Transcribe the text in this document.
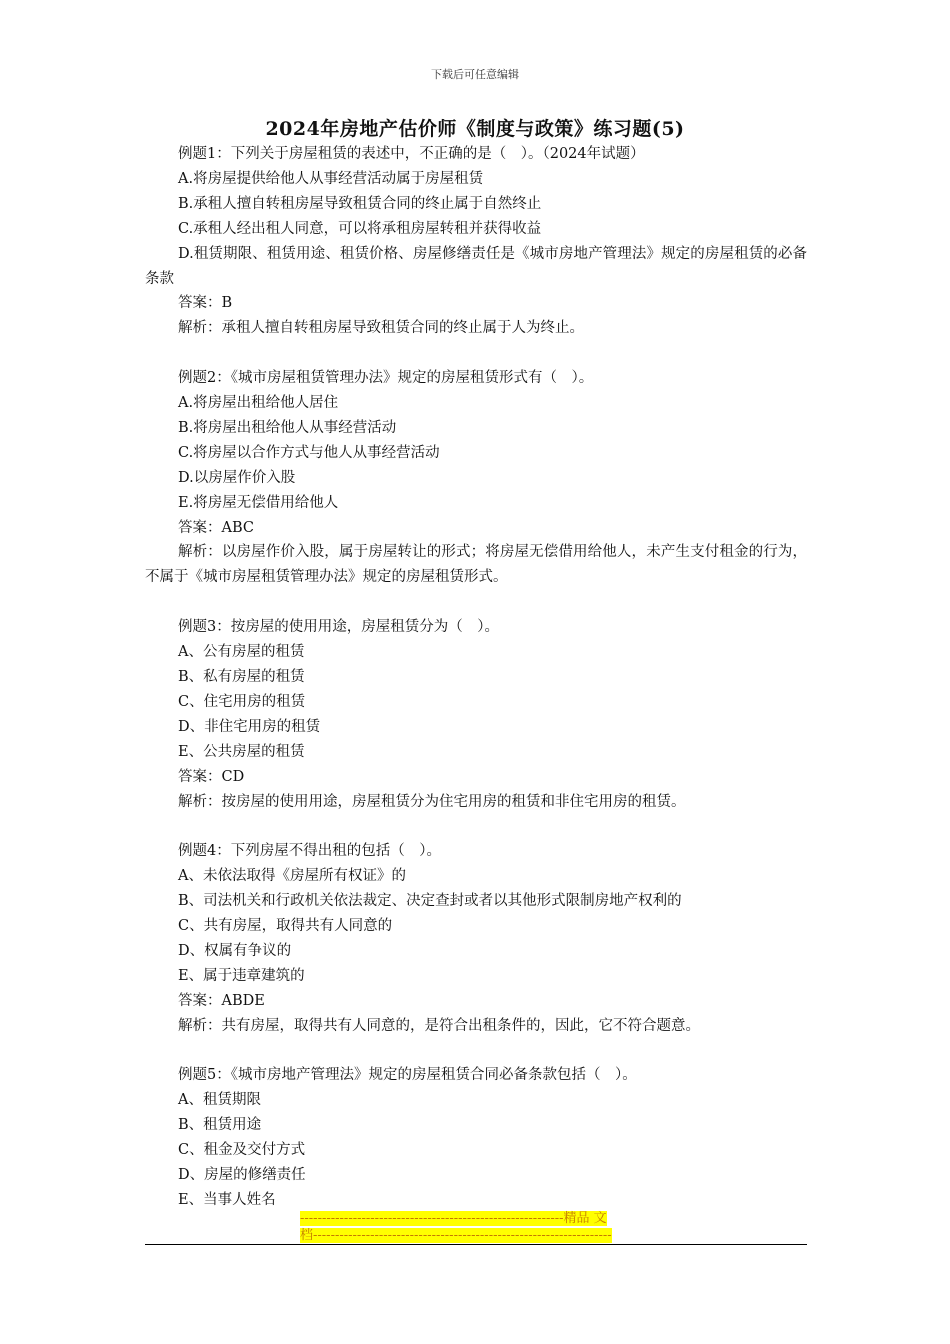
下载后可任意编辑
2024年房地产估价师《制度与政策》练习题(5)

例题1：下列关于房屋租赁的表述中，不正确的是（　）。（2024年试题）

A.将房屋提供给他人从事经营活动属于房屋租赁

B.承租人擅自转租房屋导致租赁合同的终止属于自然终止

C.承租人经出租人同意，可以将承租房屋转租并获得收益

D.租赁期限、租赁用途、租赁价格、房屋修缮责任是《城市房地产管理法》规定的房屋租赁的必备条款

答案：B

解析：承租人擅自转租房屋导致租赁合同的终止属于人为终止。

例题2：《城市房屋租赁管理办法》规定的房屋租赁形式有（　）。

A.将房屋出租给他人居住

B.将房屋出租给他人从事经营活动

C.将房屋以合作方式与他人从事经营活动

D.以房屋作价入股

E.将房屋无偿借用给他人

答案：ABC

解析：以房屋作价入股，属于房屋转让的形式；将房屋无偿借用给他人，未产生支付租金的行为，不属于《城市房屋租赁管理办法》规定的房屋租赁形式。

例题3：按房屋的使用用途，房屋租赁分为（　）。

A、公有房屋的租赁

B、私有房屋的租赁

C、住宅用房的租赁

D、非住宅用房的租赁

E、公共房屋的租赁

答案：CD

解析：按房屋的使用用途，房屋租赁分为住宅用房的租赁和非住宅用房的租赁。

例题4：下列房屋不得出租的包括（　）。

A、未依法取得《房屋所有权证》的

B、司法机关和行政机关依法裁定、决定查封或者以其他形式限制房地产权利的

C、共有房屋，取得共有人同意的

D、权属有争议的

E、属于违章建筑的

答案：ABDE

解析：共有房屋，取得共有人同意的，是符合出租条件的，因此，它不符合题意。

例题5：《城市房地产管理法》规定的房屋租赁合同必备条款包括（　）。

A、租赁期限

B、租赁用途

C、租金及交付方式

D、房屋的修缮责任

E、当事人姓名

------------------------------------------------------------精品 文
档--------------------------------------------------------------------
